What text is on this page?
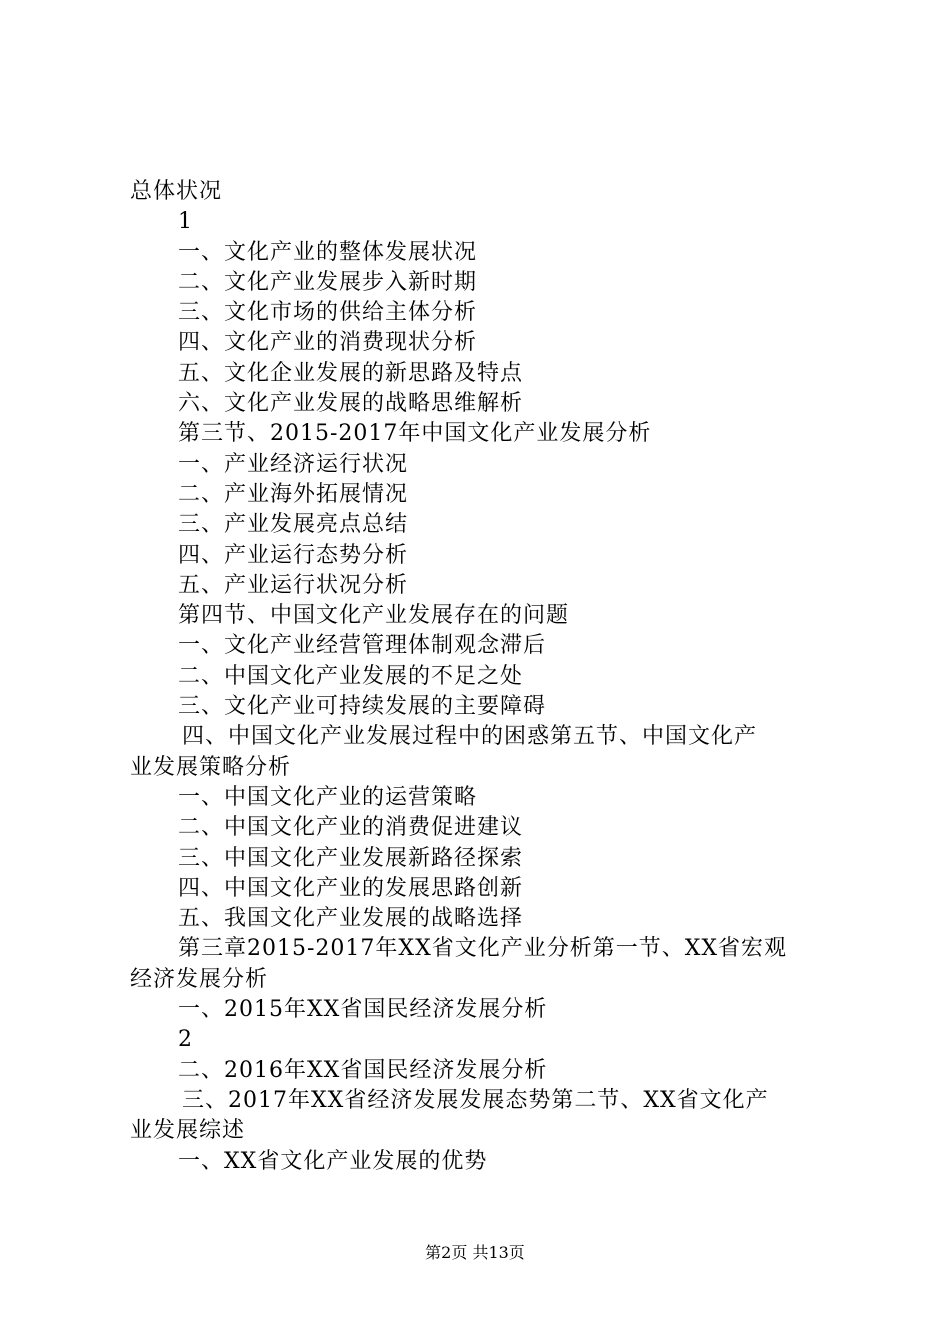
总体状况
1
一、文化产业的整体发展状况
二、文化产业发展步入新时期
三、文化市场的供给主体分析
四、文化产业的消费现状分析
五、文化企业发展的新思路及特点
六、文化产业发展的战略思维解析
第三节、2015-2017年中国文化产业发展分析
一、产业经济运行状况
二、产业海外拓展情况
三、产业发展亮点总结
四、产业运行态势分析
五、产业运行状况分析
第四节、中国文化产业发展存在的问题
一、文化产业经营管理体制观念滞后
二、中国文化产业发展的不足之处
三、文化产业可持续发展的主要障碍
四、中国文化产业发展过程中的困惑第五节、中国文化产
业发展策略分析
一、中国文化产业的运营策略
二、中国文化产业的消费促进建议
三、中国文化产业发展新路径探索
四、中国文化产业的发展思路创新
五、我国文化产业发展的战略选择
第三章2015-2017年XX省文化产业分析第一节、XX省宏观
经济发展分析
一、2015年XX省国民经济发展分析
2
二、2016年XX省国民经济发展分析
三、2017年XX省经济发展发展态势第二节、XX省文化产
业发展综述
一、XX省文化产业发展的优势
第2页 共13页
